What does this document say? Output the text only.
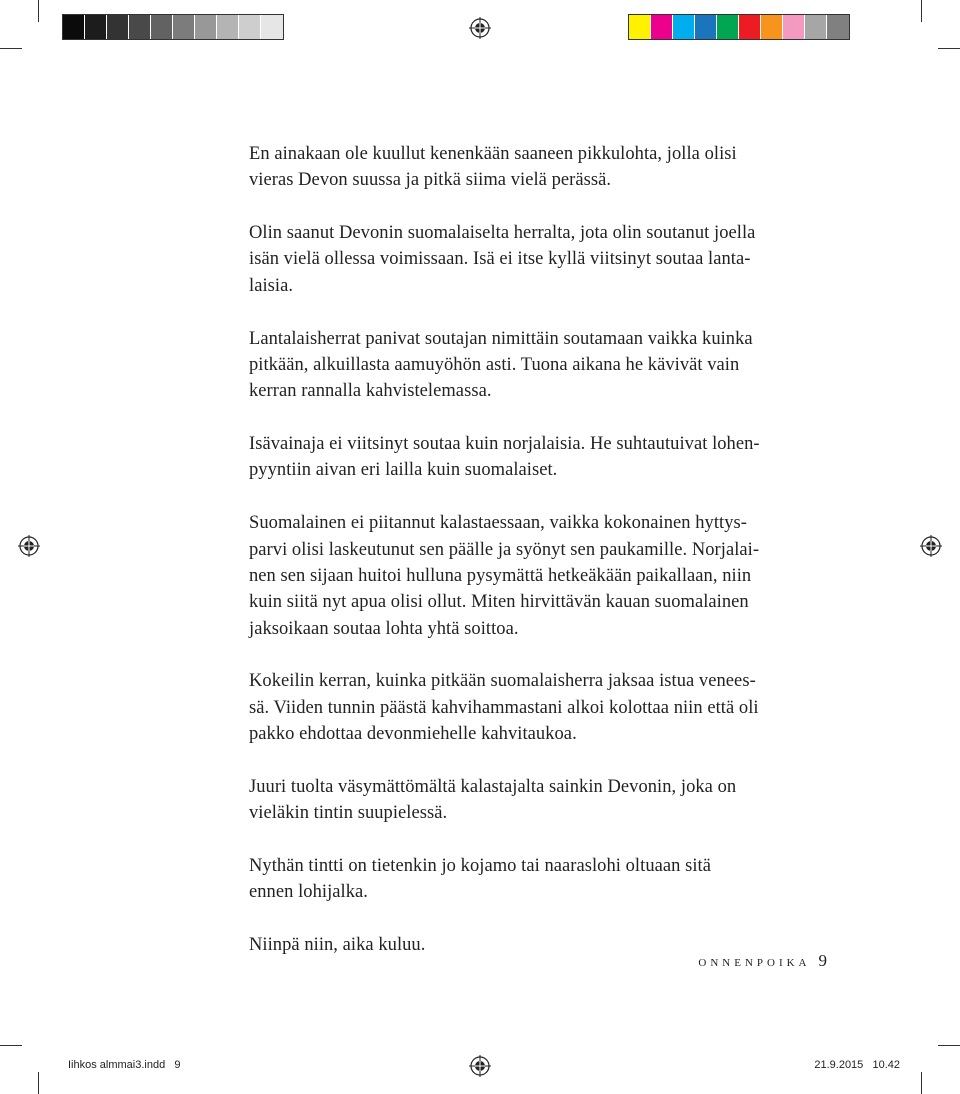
En ainakaan ole kuullut kenenkään saaneen pikkulohta, jolla olisi
vieras Devon suussa ja pitkä siima vielä perässä.

Olin saanut Devonin suomalaiselta herralta, jota olin soutanut joella
isän vielä ollessa voimissaan. Isä ei itse kyllä viitsinyt soutaa lanta-
laisia.

Lantalaisherrat panivat soutajan nimittäin soutamaan vaikka kuinka
pitkään, alkuillasta aamuyöhön asti. Tuona aikana he kävivät vain
kerran rannalla kahvistelemassa.

Isävainaja ei viitsinyt soutaa kuin norjalaisia. He suhtautuivat lohen-
pyyntiin aivan eri lailla kuin suomalaiset.

Suomalainen ei piitannut kalastaessaan, vaikka kokonainen hyttys-
parvi olisi laskeutunut sen päälle ja syönyt sen paukamille. Norjalai-
nen sen sijaan huitoi hulluna pysymättä hetkeäkään paikallaan, niin
kuin siitä nyt apua olisi ollut. Miten hirvittävän kauan suomalainen
jaksoikaan soutaa lohta yhtä soittoa.

Kokeilin kerran, kuinka pitkään suomalaisherra jaksaa istua venees-
sä. Viiden tunnin päästä kahvihammastani alkoi kolottaa niin että oli
pakko ehdottaa devonmiehelle kahvitaukoa.

Juuri tuolta väsymättömältä kalastajalta sainkin Devonin, joka on
vieläkin tintin suupielessä.

Nythän tintti on tietenkin jo kojamo tai naaraslohi oltuaan sitä
ennen lohijalka.

Niinpä niin, aika kuluu.

ONNENPOIKA 9
Iihkos almmai3.indd   9	21.9.2015   10.42
